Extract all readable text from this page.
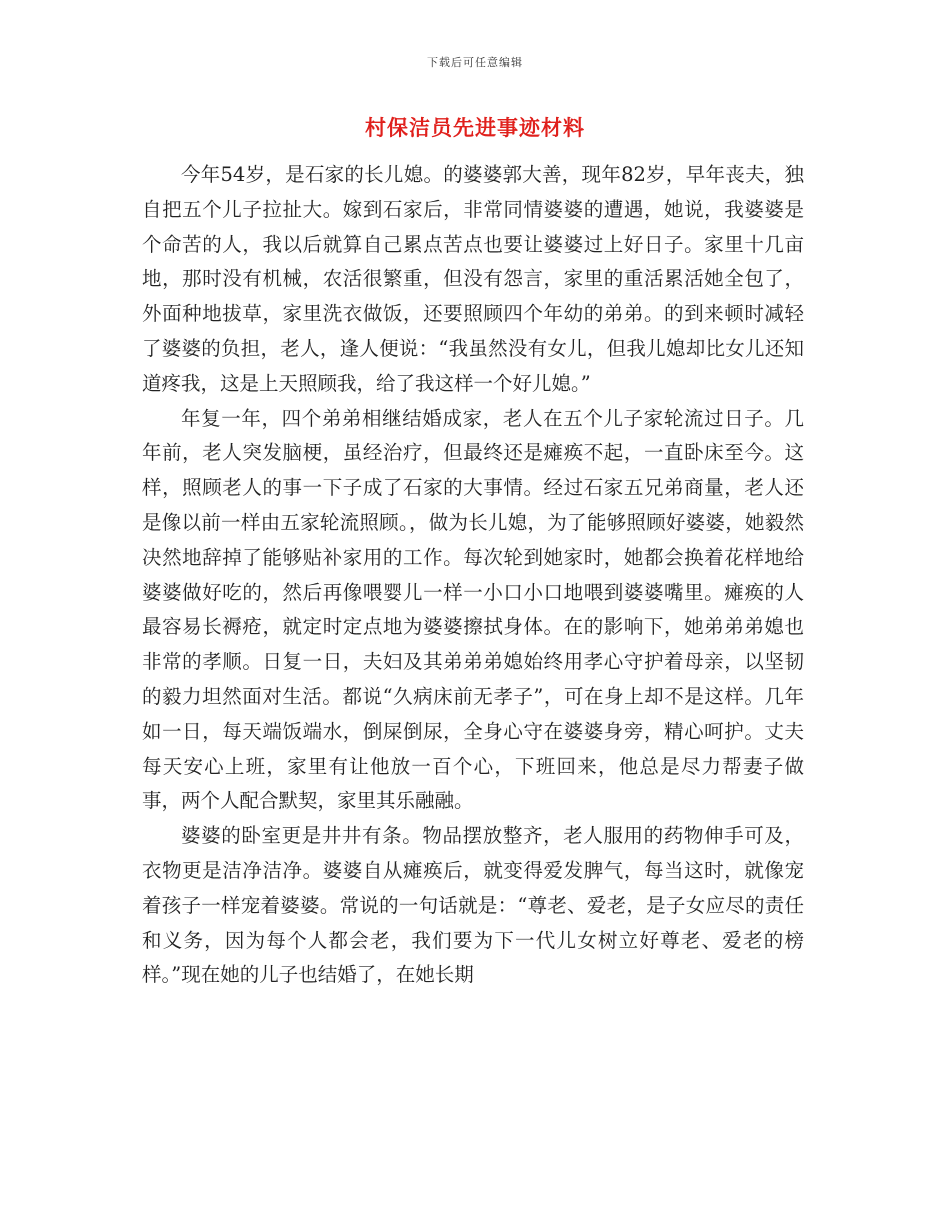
下载后可任意编辑
村保洁员先进事迹材料

今年54岁，是石家的长儿媳。的婆婆郭大善，现年82岁，早年丧夫，独自把五个儿子拉扯大。嫁到石家后，非常同情婆婆的遭遇，她说，我婆婆是个命苦的人，我以后就算自己累点苦点也要让婆婆过上好日子。家里十几亩地，那时没有机械，农活很繁重，但没有怨言，家里的重活累活她全包了，外面种地拔草，家里洗衣做饭，还要照顾四个年幼的弟弟。的到来顿时减轻了婆婆的负担，老人，逢人便说：“我虽然没有女儿，但我儿媳却比女儿还知道疼我，这是上天照顾我，给了我这样一个好儿媳。”

年复一年，四个弟弟相继结婚成家，老人在五个儿子家轮流过日子。几年前，老人突发脑梗，虽经治疗，但最终还是瘫痪不起，一直卧床至今。这样，照顾老人的事一下子成了石家的大事情。经过石家五兄弟商量，老人还是像以前一样由五家轮流照顾。，做为长儿媳，为了能够照顾好婆婆，她毅然决然地辞掉了能够贴补家用的工作。每次轮到她家时，她都会换着花样地给婆婆做好吃的，然后再像喂婴儿一样一小口小口地喂到婆婆嘴里。瘫痪的人最容易长褥疮，就定时定点地为婆婆擦拭身体。在的影响下，她弟弟弟媳也非常的孝顺。日复一日，夫妇及其弟弟弟媳始终用孝心守护着母亲，以坚韧的毅力坦然面对生活。都说“久病床前无孝子”，可在身上却不是这样。几年如一日，每天端饭端水，倒屎倒尿，全身心守在婆婆身旁，精心呵护。丈夫每天安心上班，家里有让他放一百个心，下班回来，他总是尽力帮妻子做事，两个人配合默契，家里其乐融融。

婆婆的卧室更是井井有条。物品摆放整齐，老人服用的药物伸手可及，衣物更是洁净洁净。婆婆自从瘫痪后，就变得爱发脾气，每当这时，就像宠着孩子一样宠着婆婆。常说的一句话就是：“尊老、爱老，是子女应尽的责任和义务，因为每个人都会老，我们要为下一代儿女树立好尊老、爱老的榜样。”现在她的儿子也结婚了，在她长期
